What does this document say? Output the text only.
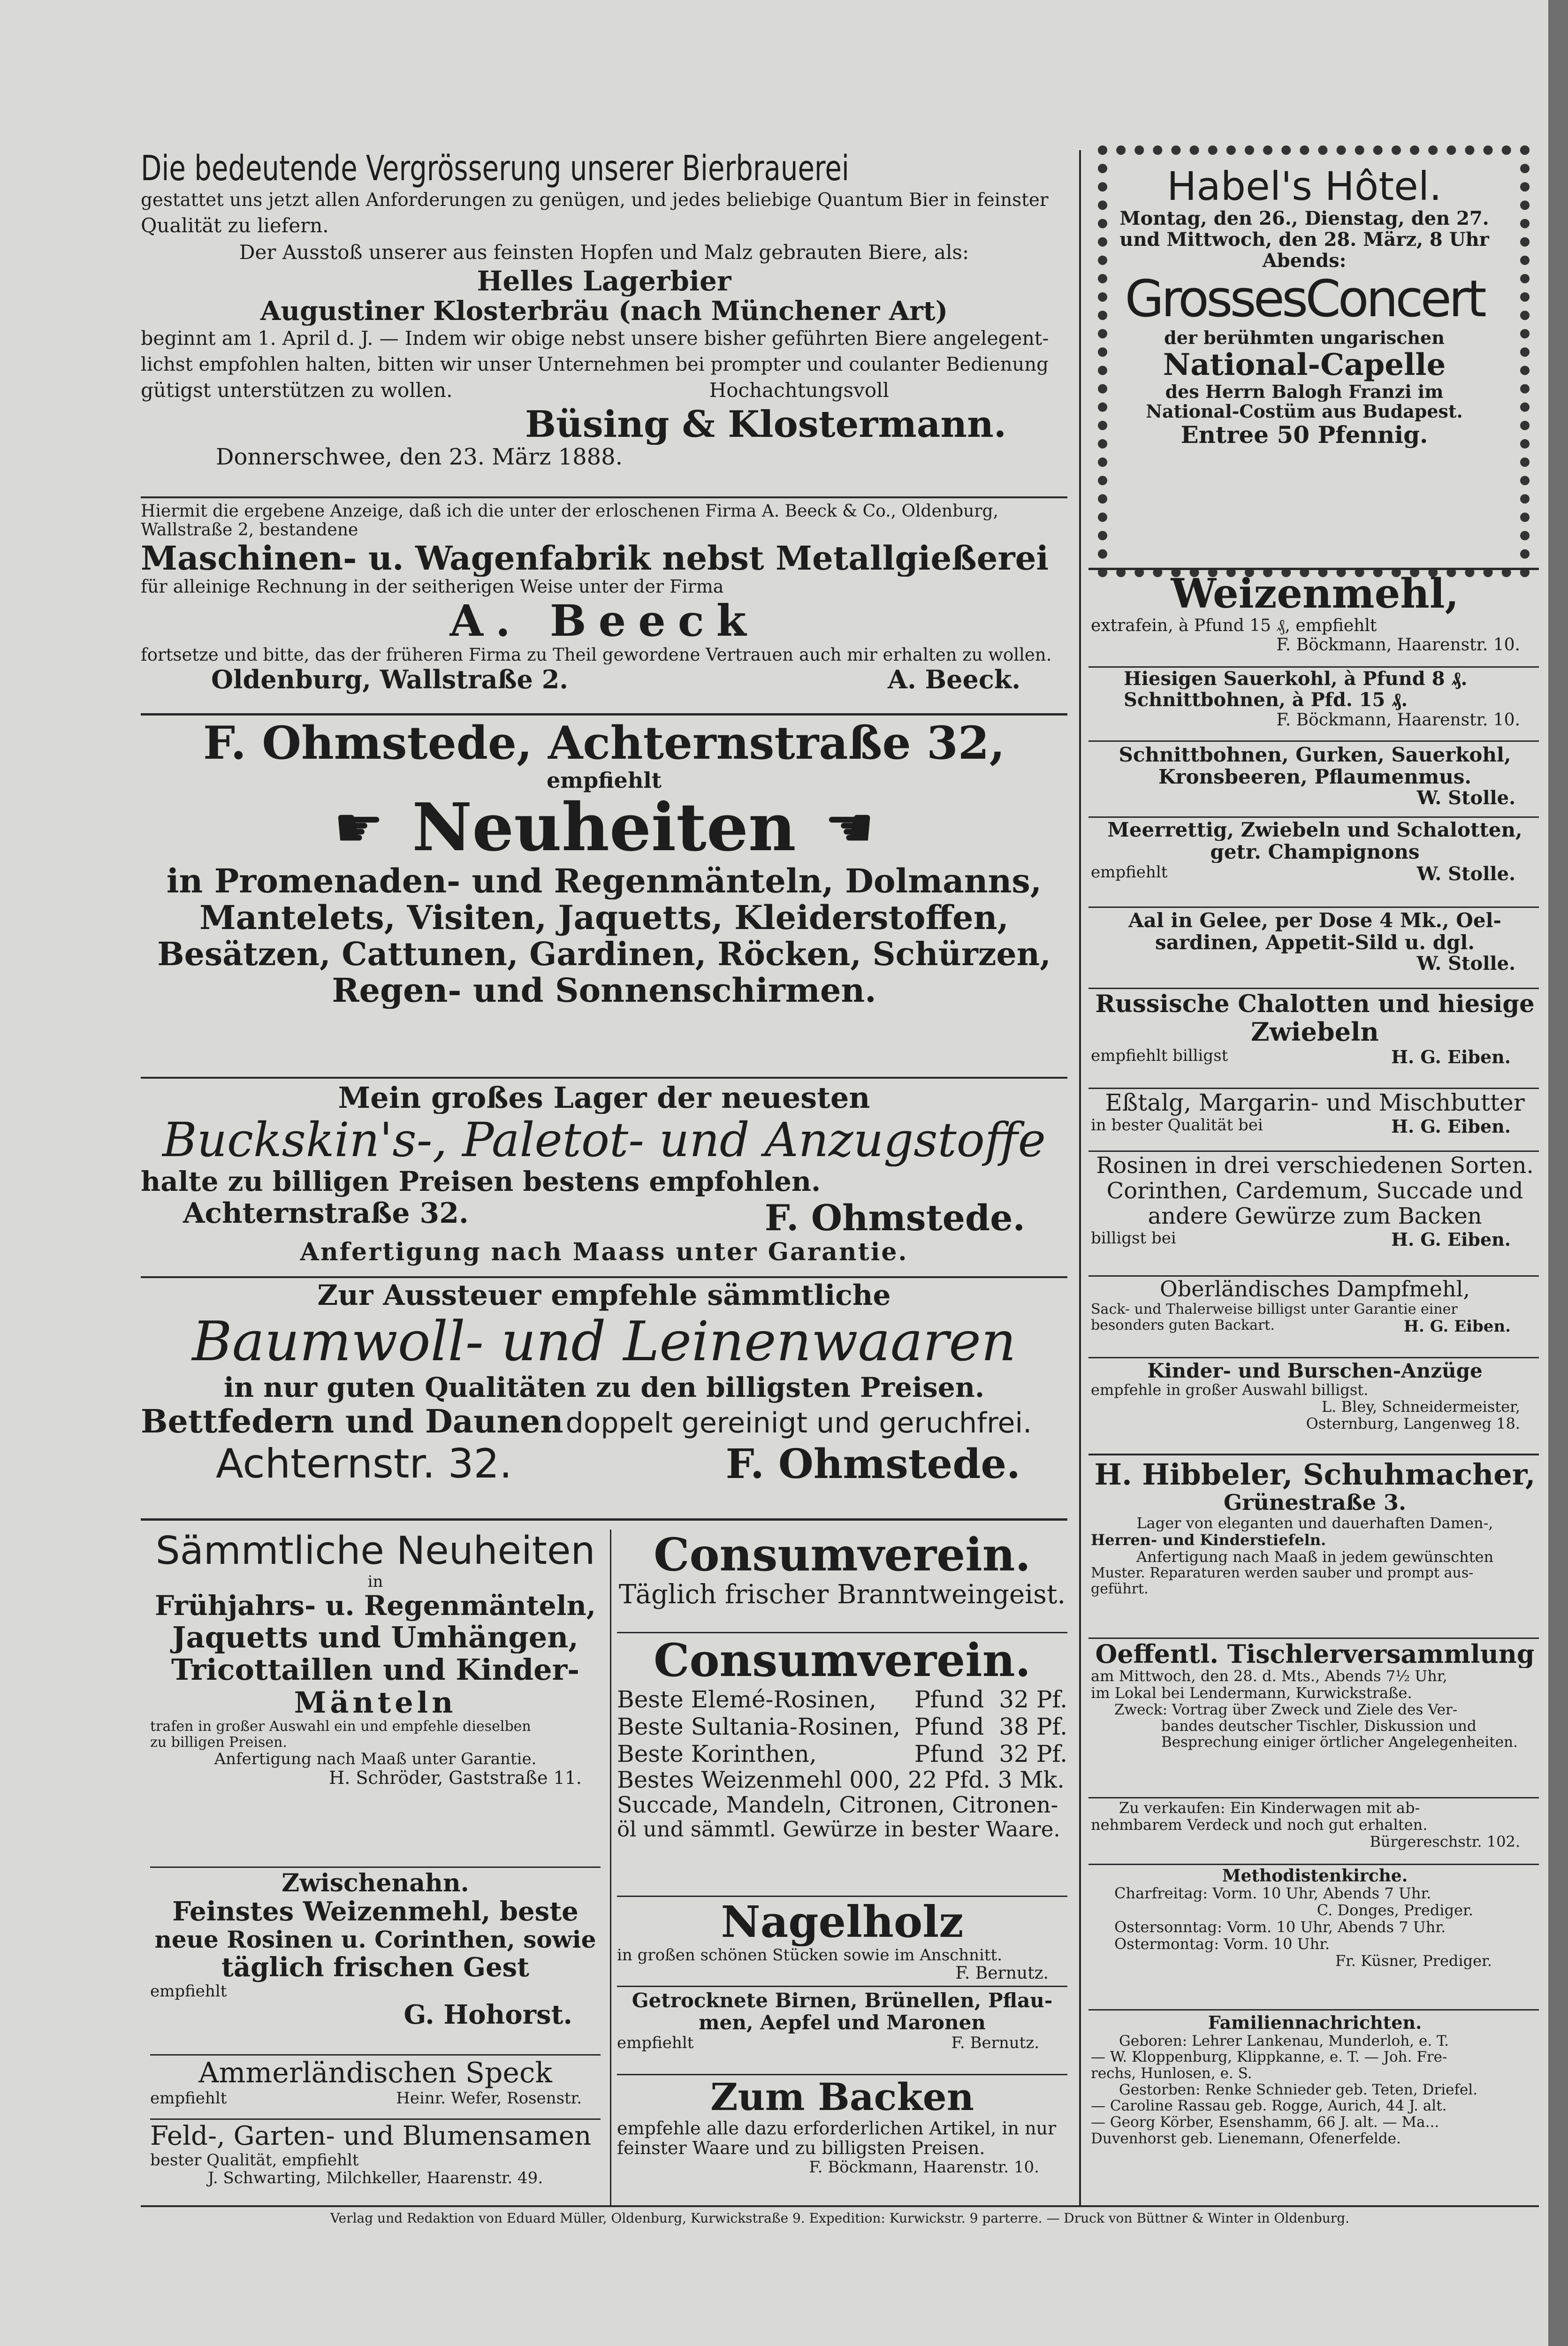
Die bedeutende Vergrösserung unserer Bierbrauerei
gestattet uns jetzt allen Anforderungen zu genügen, und jedes beliebige Quantum Bier in feinster
Qualität zu liefern.
Der Ausstoß unserer aus feinsten Hopfen und Malz gebrauten Biere, als:
Helles Lagerbier
Augustiner Klosterbräu (nach Münchener Art)
beginnt am 1. April d. J. — Indem wir obige nebst unsere bisher geführten Biere angelegent-
lichst empfohlen halten, bitten wir unser Unternehmen bei prompter und coulanter Bedienung
gütigst unterstützen zu wollen.	Hochachtungsvoll
Büsing & Klostermann.
Donnerschwee, den 23. März 1888.
Hiermit die ergebene Anzeige, daß ich die unter der erloschenen Firma A. Beeck & Co., Oldenburg,
Wallstraße 2, bestandene
Maschinen- u. Wagenfabrik nebst Metallgießerei
für alleinige Rechnung in der seitherigen Weise unter der Firma
A. Beeck
fortsetze und bitte, das der früheren Firma zu Theil gewordene Vertrauen auch mir erhalten zu wollen.
Oldenburg, Wallstraße 2.	A. Beeck.
F. Ohmstede, Achternstraße 32,
empfiehlt
☛ Neuheiten ☚
in Promenaden- und Regenmänteln, Dolmanns,
Mantelets, Visiten, Jaquetts, Kleiderstoffen,
Besätzen, Cattunen, Gardinen, Röcken, Schürzen,
Regen- und Sonnenschirmen.
Mein großes Lager der neuesten
Buckskin's-, Paletot- und Anzugstoffe
halte zu billigen Preisen bestens empfohlen.
Achternstraße 32.	F. Ohmstede.
Anfertigung nach Maass unter Garantie.
Zur Aussteuer empfehle sämmtliche
Baumwoll- und Leinenwaaren
in nur guten Qualitäten zu den billigsten Preisen.
Bettfedern und Daunen doppelt gereinigt und geruchfrei.
Achternstr. 32.	F. Ohmstede.
Sämmtliche Neuheiten
in
Frühjahrs- u. Regenmänteln,
Jaquetts und Umhängen,
Tricottaillen und Kinder-
Mänteln
trafen in großer Auswahl ein und empfehle dieselben
zu billigen Preisen.
Anfertigung nach Maaß unter Garantie.
H. Schröder, Gaststraße 11.
Zwischenahn.
Feinstes Weizenmehl, beste
neue Rosinen u. Corinthen, sowie
täglich frischen Gest
empfiehlt
G. Hohorst.
Ammerländischen Speck
empfiehlt	Heinr. Wefer, Rosenstr.
Feld-, Garten- und Blumensamen
bester Qualität, empfiehlt
J. Schwarting, Milchkeller, Haarenstr. 49.
Consumverein.
Täglich frischer Branntweingeist.
Consumverein.
Beste Elemé-Rosinen, Pfund 32 Pf.
Beste Sultania-Rosinen, Pfund 38 Pf.
Beste Korinthen,	Pfund 32 Pf.
Bestes Weizenmehl 000, 22 Pfd. 3 Mk.
Succade, Mandeln, Citronen, Citronen-
öl und sämmtl. Gewürze in bester Waare.
Nagelholz
in großen schönen Stücken sowie im Anschnitt.
F. Bernutz.
Getrocknete Birnen, Brünellen, Pflau-
men, Aepfel und Maronen
empfiehlt	F. Bernutz.
Zum Backen
empfehle alle dazu erforderlichen Artikel, in nur
feinster Waare und zu billigsten Preisen.
F. Böckmann, Haarenstr. 10.
Habel's Hôtel.
Montag, den 26., Dienstag, den 27.
und Mittwoch, den 28. März, 8 Uhr
Abends:
GrossesConcert
der berühmten ungarischen
National-Capelle
des Herrn Balogh Franzi im
National-Costüm aus Budapest.
Entree 50 Pfennig.
Weizenmehl,
extrafein, à Pfund 15 ₰, empfiehlt
F. Böckmann, Haarenstr. 10.
Hiesigen Sauerkohl, à Pfund 8 ₰.
Schnittbohnen, à Pfd. 15 ₰.
F. Böckmann, Haarenstr. 10.
Schnittbohnen, Gurken, Sauerkohl,
Kronsbeeren, Pflaumenmus.
W. Stolle.
Meerrettig, Zwiebeln und Schalotten,
getr. Champignons
empfiehlt	W. Stolle.
Aal in Gelee, per Dose 4 Mk., Oel-
sardinen, Appetit-Sild u. dgl.
W. Stolle.
Russische Chalotten und hiesige
Zwiebeln
empfiehlt billigst	H. G. Eiben.
Eßtalg, Margarin- und Mischbutter
in bester Qualität bei	H. G. Eiben.
Rosinen in drei verschiedenen Sorten.
Corinthen, Cardemum, Succade und
andere Gewürze zum Backen
billigst bei	H. G. Eiben.
Oberländisches Dampfmehl,
Sack- und Thalerweise billigst unter Garantie einer
besonders guten Backart.	H. G. Eiben.
Kinder- und Burschen-Anzüge
empfehle in großer Auswahl billigst.
L. Bley, Schneidermeister,
Osternburg, Langenweg 18.
H. Hibbeler, Schuhmacher,
Grünestraße 3.
Lager von eleganten und dauerhaften Damen-,
Herren- und Kinderstiefeln.
Anfertigung nach Maaß in jedem gewünschten
Muster. Reparaturen werden sauber und prompt aus-
geführt.
Oeffentl. Tischlerversammlung
am Mittwoch, den 28. d. Mts., Abends 7½ Uhr,
im Lokal bei Lendermann, Kurwickstraße.
Zweck: Vortrag über Zweck und Ziele des Ver-
bandes deutscher Tischler, Diskussion und
Besprechung einiger örtlicher Angelegenheiten.
Zu verkaufen: Ein Kinderwagen mit ab-
nehmbarem Verdeck und noch gut erhalten.
Bürgereschstr. 102.
Methodistenkirche.
Charfreitag: Vorm. 10 Uhr, Abends 7 Uhr.
C. Donges, Prediger.
Ostersonntag: Vorm. 10 Uhr, Abends 7 Uhr.
Ostermontag: Vorm. 10 Uhr.
Fr. Küsner, Prediger.
Familiennachrichten.
Geboren: Lehrer Lankenau, Munderloh, e. T.
— W. Kloppenburg, Klippkanne, e. T. — Joh. Fre-
rechs, Hunlosen, e. S.
Gestorben: Renke Schnieder geb. Teten, Driefel.
— Caroline Rassau geb. Rogge, Aurich, 44 J. alt.
— Georg Körber, Esenshamm, 66 J. alt. — Ma...
Duvenhorst geb. Lienemann, Ofenerfelde.
Verlag und Redaktion von Eduard Müller, Oldenburg, Kurwickstraße 9. Expedition: Kurwickstr. 9 parterre. — Druck von Büttner & Winter in Oldenburg.
